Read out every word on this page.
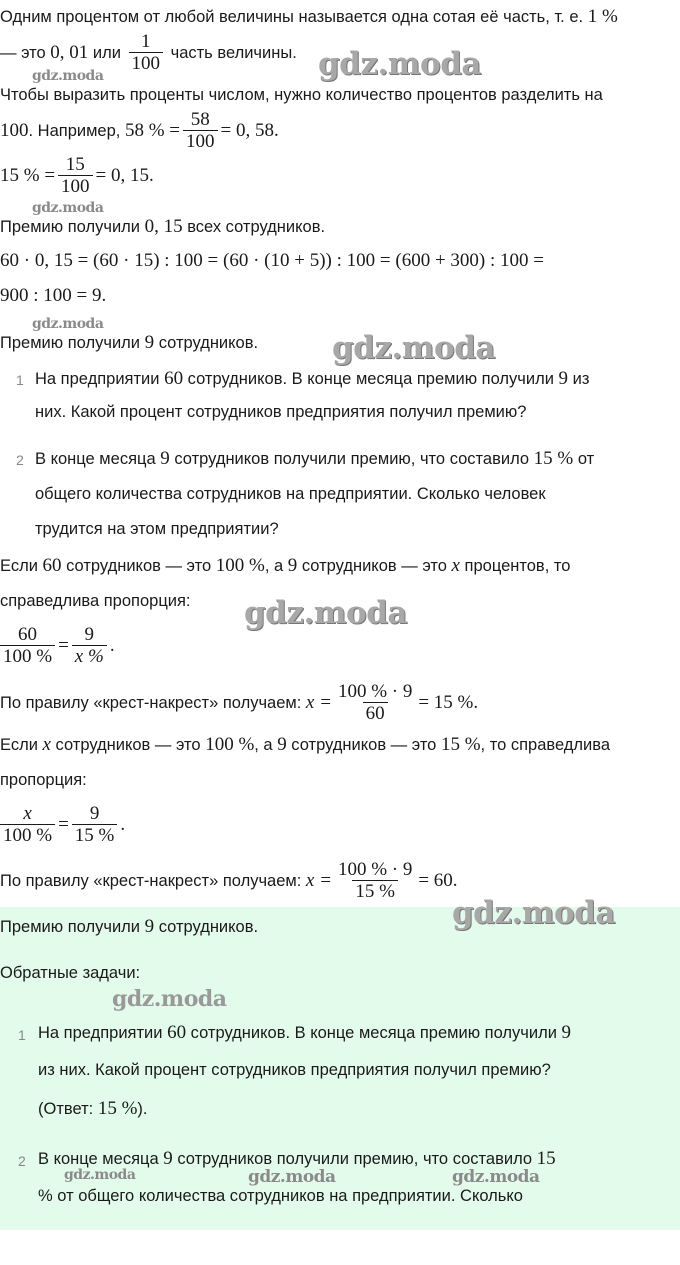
Одним процентом от любой величины называется одна сотая её часть, т. е. 1 %
— это 0, 01 или $\frac{1}{100}$ часть величины.
Чтобы выразить проценты числом, нужно количество процентов разделить на
100. Например, 58 % = $\frac{58}{100} = 0$, 58.
15 % = $\frac{15}{100} = 0$, 15.
Премию получили 0, 15 всех сотрудников.
60 · 0, 15 = (60 · 15) : 100 = (60 · (10 + 5)) : 100 = (600 + 300) : 100 =
900 : 100 = 9.
Премию получили 9 сотрудников.
1 На предприятии 60 сотрудников. В конце месяца премию получили 9 из
них. Какой процент сотрудников предприятия получил премию?
2 В конце месяца 9 сотрудников получили премию, что составило 15 % от
общего количества сотрудников на предприятии. Сколько человек
трудится на этом предприятии?
Если 60 сотрудников — это 100 %, а 9 сотрудников — это x процентов, то
справедлива пропорция:
$\frac{60}{100 \%} = \frac{9}{x \%}$ .
По правилу «крест-накрест» получаем: $x = \frac{100 \% \cdot 9}{60} = 15$ %.
Если x сотрудников — это 100 %, а 9 сотрудников — это 15 %, то справедлива
пропорция:
$\frac{x}{100 \%} = \frac{9}{15 \%}$ .
По правилу «крест-накрест» получаем: $x = \frac{100 \% \cdot 9}{15 \%} = 60$.
Премию получили 9 сотрудников.
Обратные задачи:
1 На предприятии 60 сотрудников. В конце месяца премию получили 9
из них. Какой процент сотрудников предприятия получил премию?
(Ответ: 15 %).
2 В конце месяца 9 сотрудников получили премию, что составило 15
% от общего количества сотрудников на предприятии. Сколько
gdz.moda	gdz.moda
gdz.moda
gdz.moda
gdz.moda
gdz.moda
gdz.moda
gdz.moda
gdz.moda	gdz.moda	gdz.moda
